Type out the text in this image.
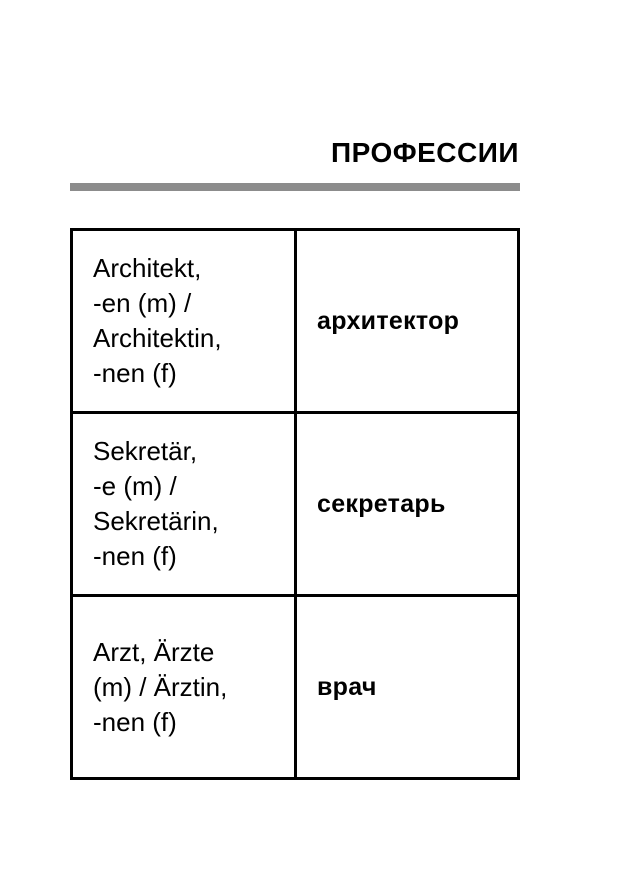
ПРОФЕССИИ
Architekt,
-en (m) /
Architektin,
-nen (f)	архитектор

Sekretär,
-e (m) /
Sekretärin,
-nen (f)	секретарь

Arzt, Ärzte
(m) / Ärztin,
-nen (f)	врач
